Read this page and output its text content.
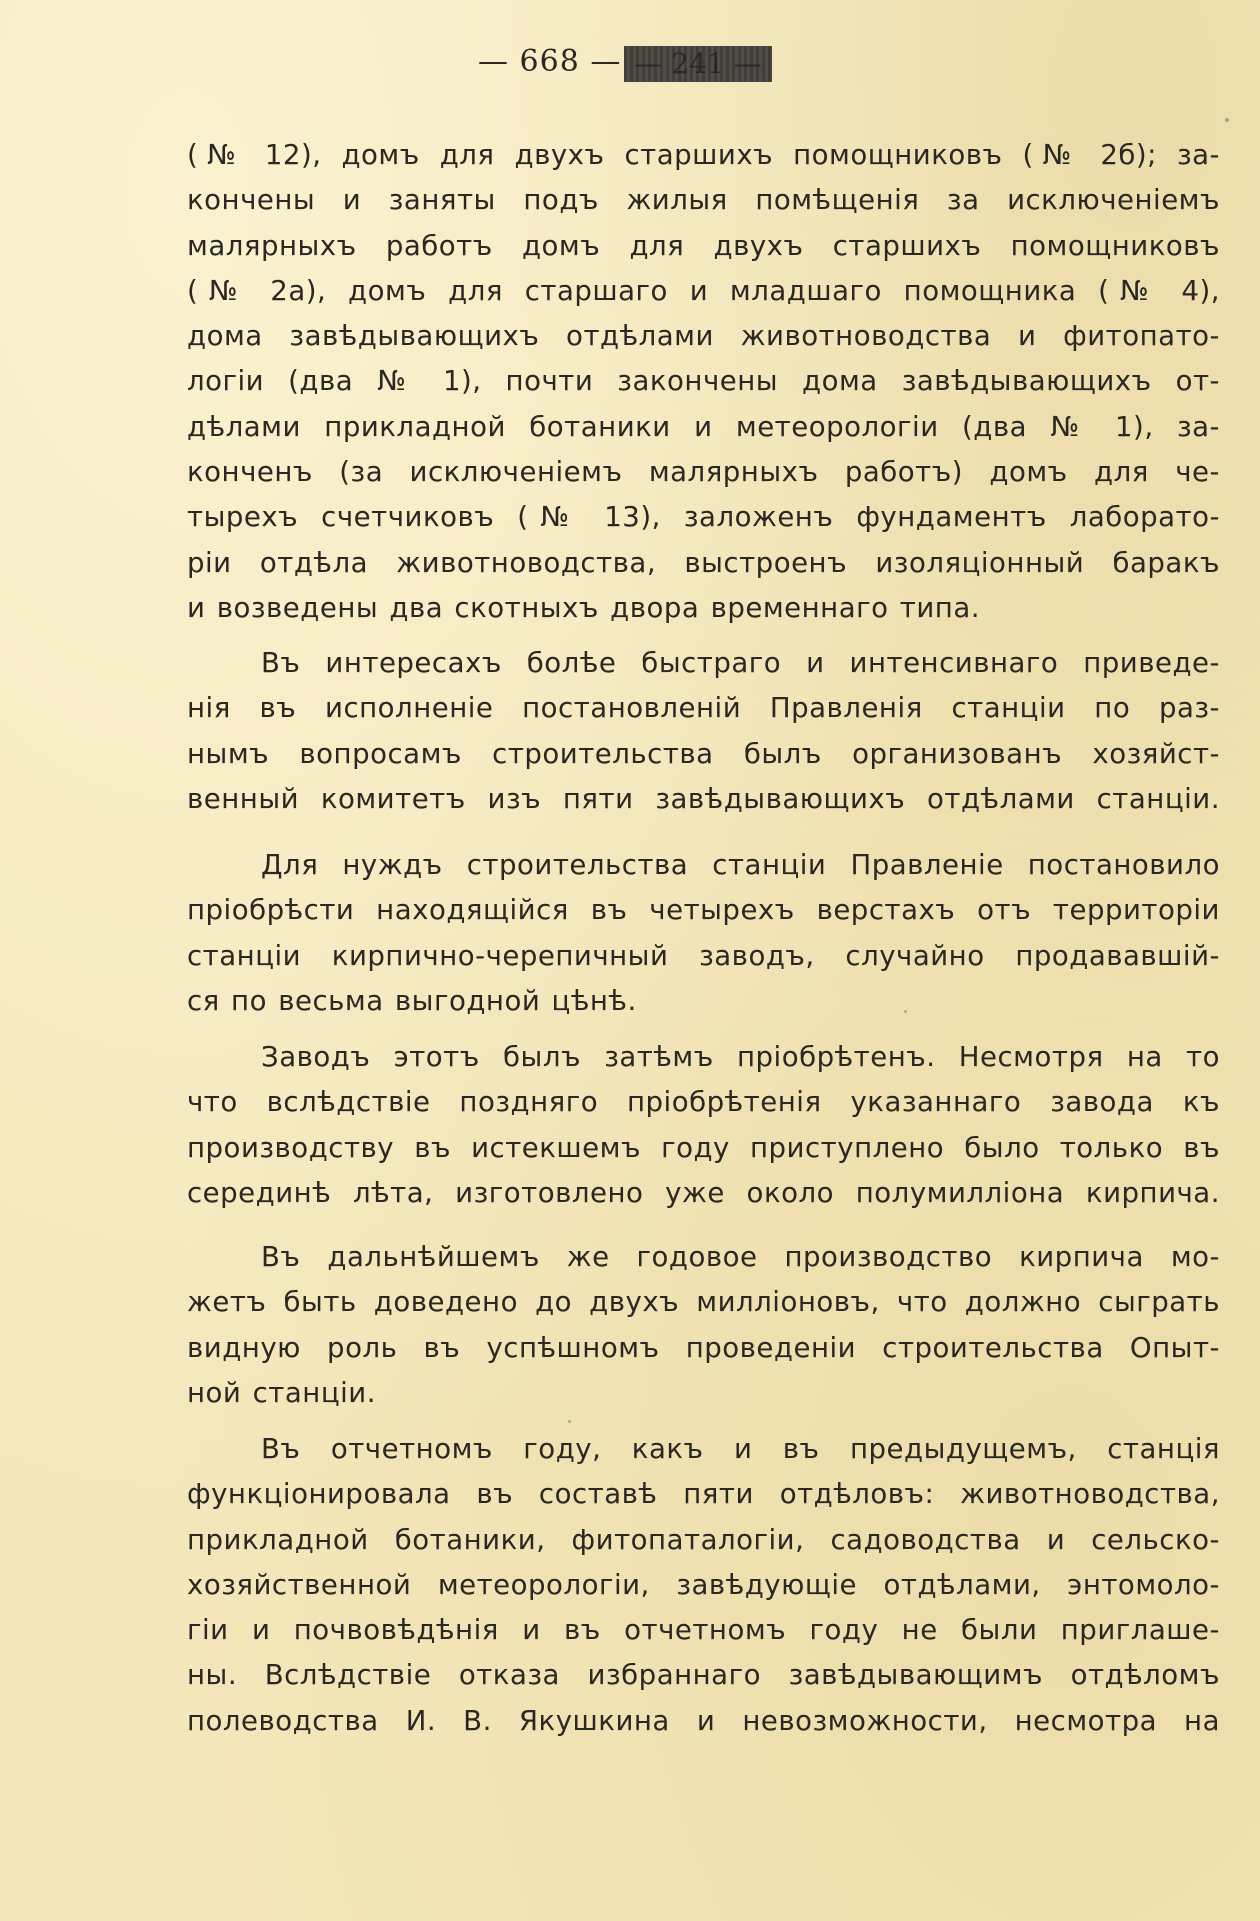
— 668 — — 241 —
(№ 12), домъ для двухъ старшихъ помощниковъ (№ 2б); за-
кончены и заняты подъ жилыя помѣщенія за исключеніемъ
малярныхъ работъ домъ для двухъ старшихъ помощниковъ
(№ 2а), домъ для старшаго и младшаго помощника (№ 4),
дома завѣдывающихъ отдѣлами животноводства и фитопато-
логіи (два № 1), почти закончены дома завѣдывающихъ от-
дѣлами прикладной ботаники и метеорологіи (два № 1), за-
конченъ (за исключеніемъ малярныхъ работъ) домъ для че-
тырехъ счетчиковъ (№ 13), заложенъ фундаментъ лаборато-
ріи отдѣла животноводства, выстроенъ изоляціонный баракъ
и возведены два скотныхъ двора временнаго типа.
Въ интересахъ болѣе быстраго и интенсивнаго приведе-
нія въ исполненіе постановленій Правленія станціи по раз-
нымъ вопросамъ строительства былъ организованъ хозяйст-
венный комитетъ изъ пяти завѣдывающихъ отдѣлами станціи.
Для нуждъ строительства станціи Правленіе постановило
пріобрѣсти находящійся въ четырехъ верстахъ отъ территоріи
станціи кирпично-черепичный заводъ, случайно продававшій-
ся по весьма выгодной цѣнѣ.
Заводъ этотъ былъ затѣмъ пріобрѣтенъ. Несмотря на то
что вслѣдствіе поздняго пріобрѣтенія указаннаго завода къ
производству въ истекшемъ году приступлено было только въ
серединѣ лѣта, изготовлено уже около полумилліона кирпича.
Въ дальнѣйшемъ же годовое производство кирпича мо-
жетъ быть доведено до двухъ милліоновъ, что должно сыграть
видную роль въ успѣшномъ проведеніи строительства Опыт-
ной станціи.
Въ отчетномъ году, какъ и въ предыдущемъ, станція
функціонировала въ составѣ пяти отдѣловъ: животноводства,
прикладной ботаники, фитопаталогіи, садоводства и сельско-
хозяйственной метеорологіи, завѣдующіе отдѣлами, энтомоло-
гіи и почвовѣдѣнія и въ отчетномъ году не были приглаше-
ны. Вслѣдствіе отказа избраннаго завѣдывающимъ отдѣломъ
полеводства И. В. Якушкина и невозможности, несмотра на
